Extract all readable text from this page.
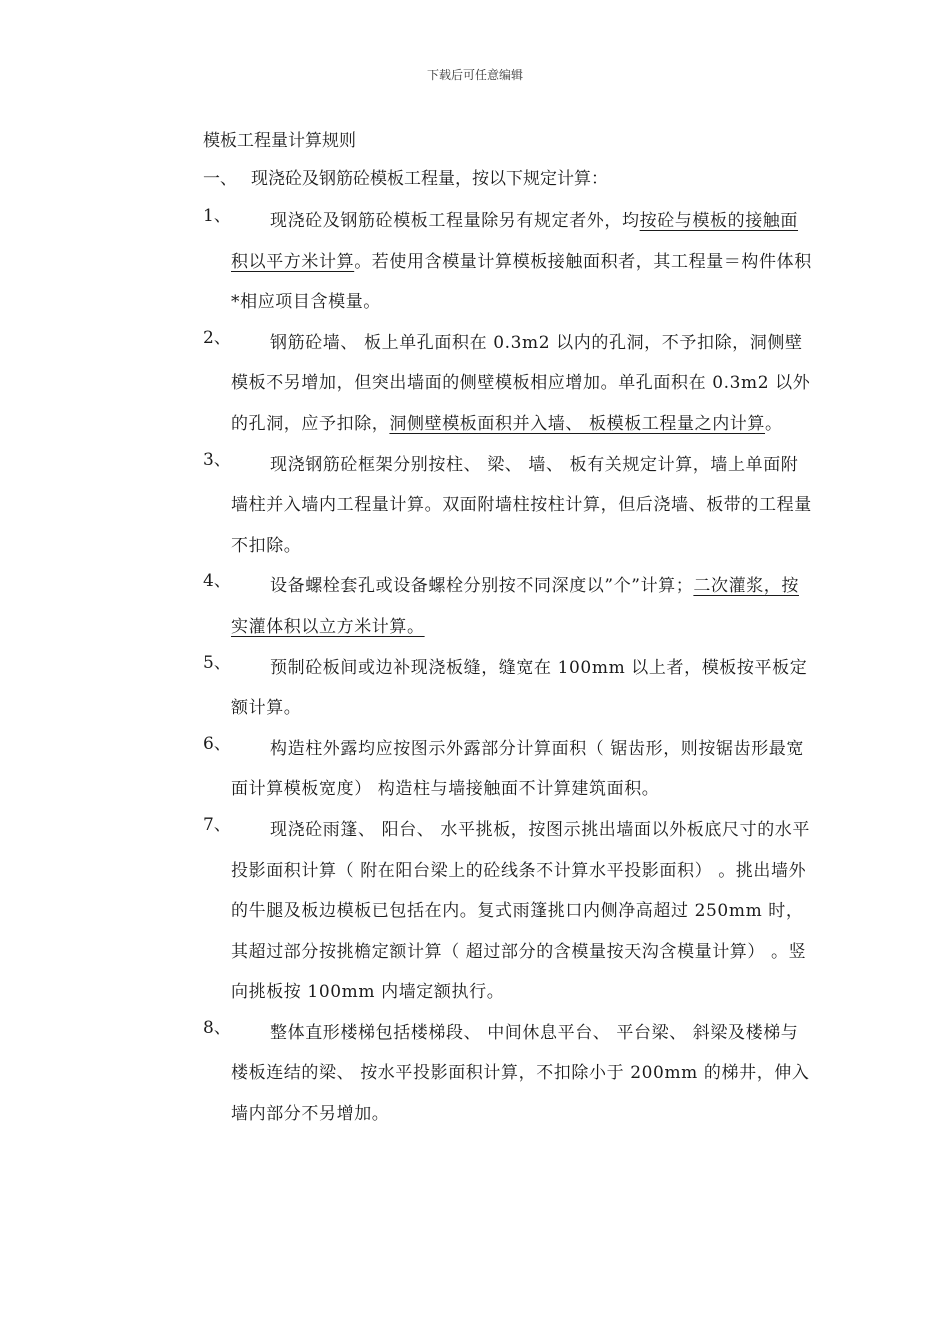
下载后可任意编辑
模板工程量计算规则
一、 现浇砼及钢筋砼模板工程量，按以下规定计算：
1、	现浇砼及钢筋砼模板工程量除另有规定者外，均按砼与模板的接触面积以平方米计算。若使用含模量计算模板接触面积者，其工程量＝构件体积*相应项目含模量。
2、	钢筋砼墙、 板上单孔面积在 0.3m2 以内的孔洞，不予扣除，洞侧壁模板不另增加，但突出墙面的侧壁模板相应增加。单孔面积在 0.3m2 以外的孔洞，应予扣除，洞侧壁模板面积并入墙、 板模板工程量之内计算。
3、	现浇钢筋砼框架分别按柱、 梁、 墙、 板有关规定计算，墙上单面附墙柱并入墙内工程量计算。双面附墙柱按柱计算，但后浇墙、板带的工程量不扣除。
4、	设备螺栓套孔或设备螺栓分别按不同深度以”个”计算；二次灌浆，按实灌体积以立方米计算。
5、	预制砼板间或边补现浇板缝，缝宽在 100mm 以上者，模板按平板定额计算。
6、	构造柱外露均应按图示外露部分计算面积（ 锯齿形，则按锯齿形最宽面计算模板宽度） 构造柱与墙接触面不计算建筑面积。
7、	现浇砼雨篷、 阳台、 水平挑板，按图示挑出墙面以外板底尺寸的水平投影面积计算（ 附在阳台梁上的砼线条不计算水平投影面积） 。挑出墙外的牛腿及板边模板已包括在内。复式雨篷挑口内侧净高超过 250mm 时，其超过部分按挑檐定额计算（ 超过部分的含模量按天沟含模量计算） 。竖向挑板按 100mm 内墙定额执行。
8、	整体直形楼梯包括楼梯段、 中间休息平台、 平台梁、 斜梁及楼梯与楼板连结的梁、 按水平投影面积计算，不扣除小于 200mm 的梯井，伸入墙内部分不另增加。
